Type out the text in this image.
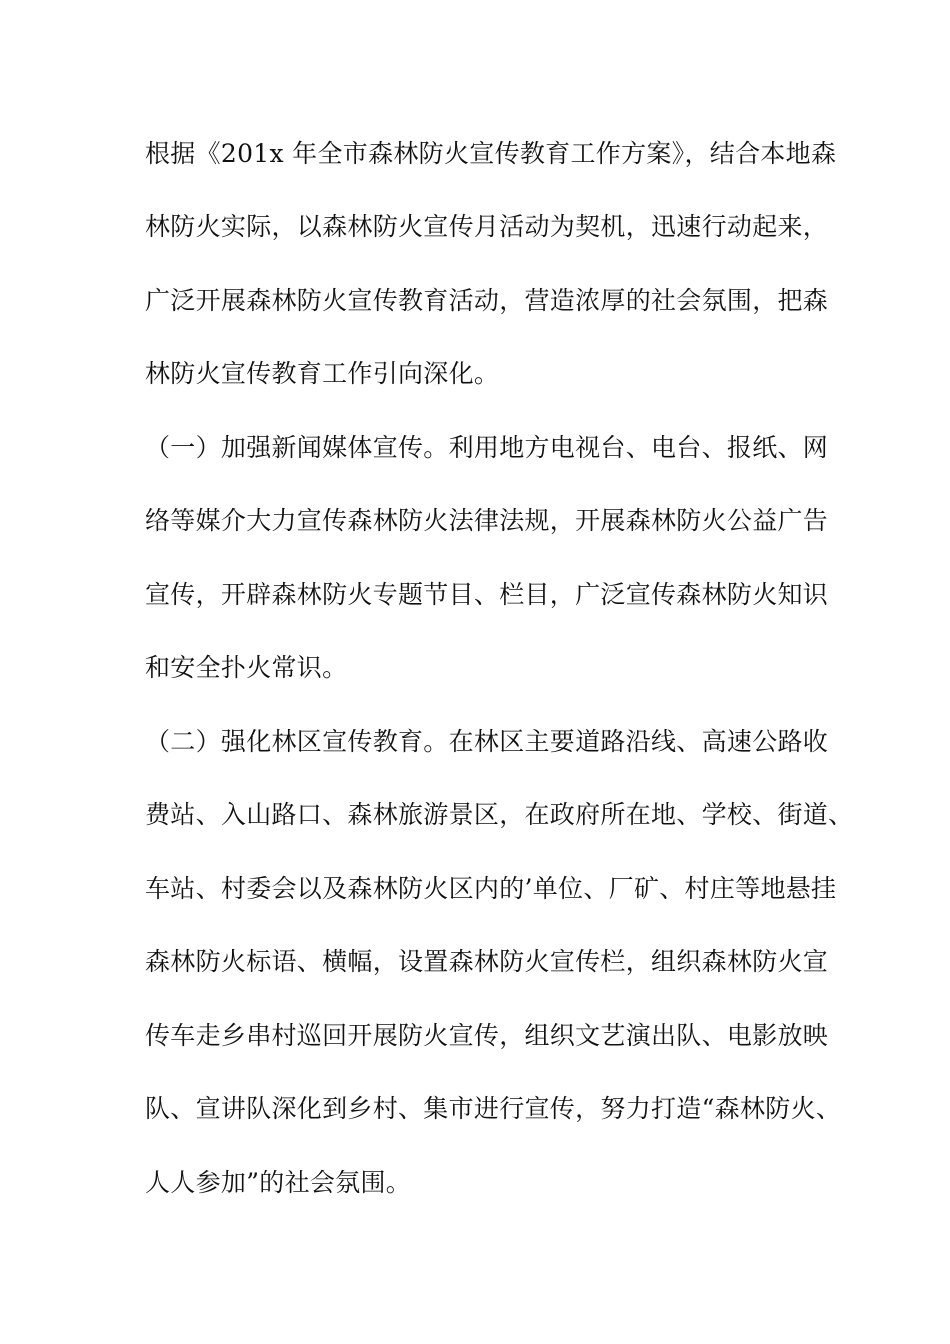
根据《201x 年全市森林防火宣传教育工作方案》，结合本地森
林防火实际，以森林防火宣传月活动为契机，迅速行动起来，
广泛开展森林防火宣传教育活动，营造浓厚的社会氛围，把森
林防火宣传教育工作引向深化。
（一）加强新闻媒体宣传。利用地方电视台、电台、报纸、网
络等媒介大力宣传森林防火法律法规，开展森林防火公益广告
宣传，开辟森林防火专题节目、栏目，广泛宣传森林防火知识
和安全扑火常识。
（二）强化林区宣传教育。在林区主要道路沿线、高速公路收
费站、入山路口、森林旅游景区，在政府所在地、学校、街道、
车站、村委会以及森林防火区内的’单位、厂矿、村庄等地悬挂
森林防火标语、横幅，设置森林防火宣传栏，组织森林防火宣
传车走乡串村巡回开展防火宣传，组织文艺演出队、电影放映
队、宣讲队深化到乡村、集市进行宣传，努力打造“森林防火、
人人参加”的社会氛围。
